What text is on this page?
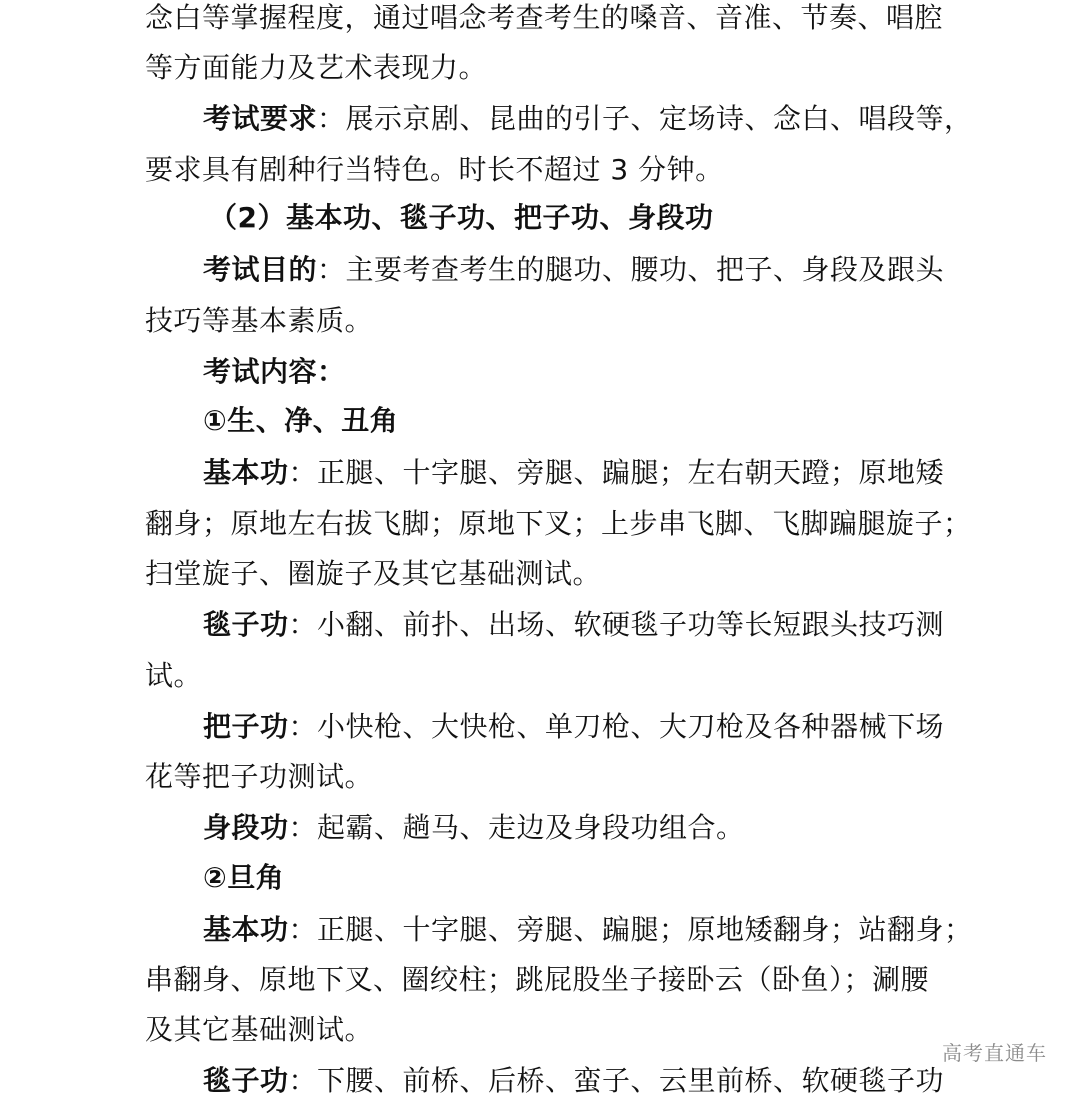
念白等掌握程度，通过唱念考查考生的嗓音、音准、节奏、唱腔
等方面能力及艺术表现力。
考试要求：展示京剧、昆曲的引子、定场诗、念白、唱段等，
要求具有剧种行当特色。时长不超过 3 分钟。
（2）基本功、毯子功、把子功、身段功
考试目的：主要考查考生的腿功、腰功、把子、身段及跟头
技巧等基本素质。
考试内容：
①生、净、丑角
基本功：正腿、十字腿、旁腿、蹁腿；左右朝天蹬；原地矮
翻身；原地左右拔飞脚；原地下叉；上步串飞脚、飞脚蹁腿旋子；
扫堂旋子、圈旋子及其它基础测试。
毯子功：小翻、前扑、出场、软硬毯子功等长短跟头技巧测
试。
把子功：小快枪、大快枪、单刀枪、大刀枪及各种器械下场
花等把子功测试。
身段功：起霸、趟马、走边及身段功组合。
②旦角
基本功：正腿、十字腿、旁腿、蹁腿；原地矮翻身；站翻身；
串翻身、原地下叉、圈绞柱；跳屁股坐子接卧云（卧鱼）；涮腰
及其它基础测试。
毯子功：下腰、前桥、后桥、蛮子、云里前桥、软硬毯子功
高考直通车
